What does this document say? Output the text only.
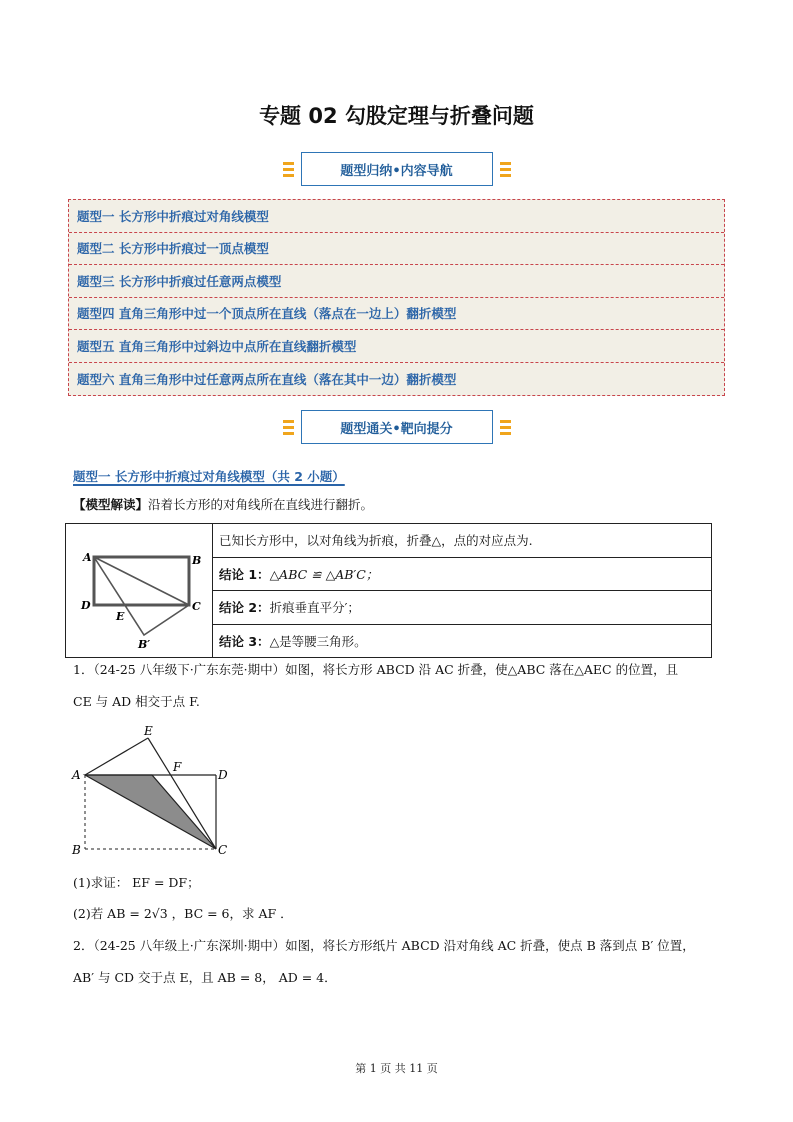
专题 02 勾股定理与折叠问题
题型归纳•内容导航
题型一 长方形中折痕过对角线模型
题型二 长方形中折痕过一顶点模型
题型三 长方形中折痕过任意两点模型
题型四 直角三角形中过一个顶点所在直线（落点在一边上）翻折模型
题型五 直角三角形中过斜边中点所在直线翻折模型
题型六 直角三角形中过任意两点所在直线（落在其中一边）翻折模型
题型通关•靶向提分
题型一 长方形中折痕过对角线模型（共 2 小题）
【模型解读】沿着长方形的对角线所在直线进行翻折。
A	B
C
D
E
B′
	已知长方形中，以对角线为折痕，折叠△，点的对应点为.
结论 1：△ABC ≌ △AB′C；
结论 2：折痕垂直平分′；
结论 3：△是等腰三角形。
1．（24-25 八年级下·广东东莞·期中）如图，将长方形 ABCD 沿 AC 折叠，使△ABC 落在△AEC 的位置，且
CE 与 AD 相交于点 F.
A
B	C
D
E
F
(1)求证： EF = DF；
(2)若 AB = 2√3 ，BC = 6，求 AF ．
2．（24-25 八年级上·广东深圳·期中）如图，将长方形纸片 ABCD 沿对角线 AC 折叠，使点 B 落到点 B′ 位置，
AB′ 与 CD 交于点 E，且 AB = 8， AD = 4．
第 1 页 共 11 页
